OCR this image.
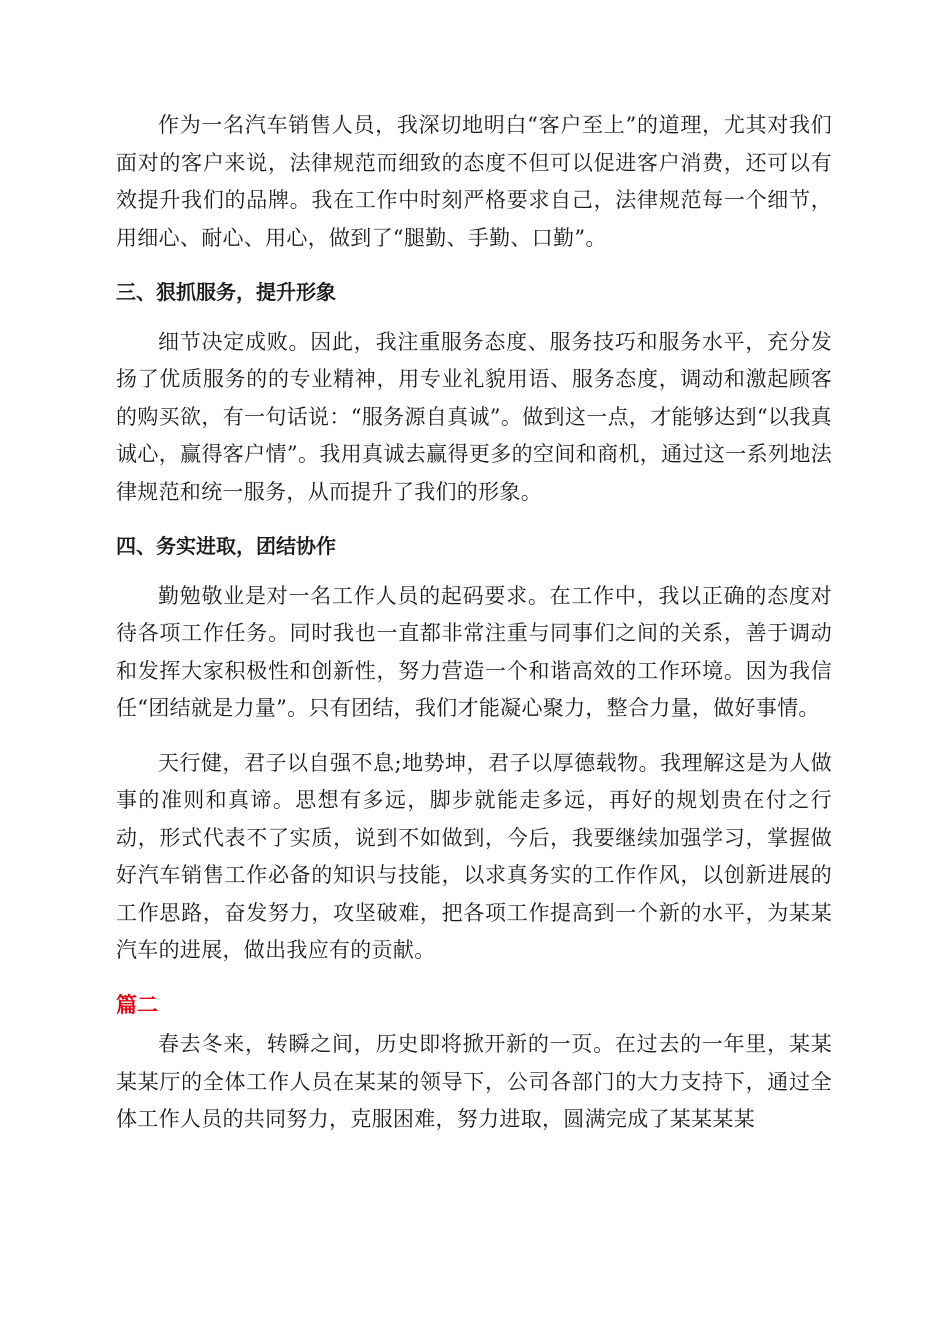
作为一名汽车销售人员，我深切地明白“客户至上”的道理，尤其对我们面对的客户来说，法律规范而细致的态度不但可以促进客户消费，还可以有效提升我们的品牌。我在工作中时刻严格要求自己，法律规范每一个细节，用细心、耐心、用心，做到了“腿勤、手勤、口勤”。

三、狠抓服务，提升形象

细节决定成败。因此，我注重服务态度、服务技巧和服务水平，充分发扬了优质服务的的专业精神，用专业礼貌用语、服务态度，调动和激起顾客的购买欲，有一句话说：“服务源自真诚”。做到这一点，才能够达到“以我真诚心，赢得客户情”。我用真诚去赢得更多的空间和商机，通过这一系列地法律规范和统一服务，从而提升了我们的形象。

四、务实进取，团结协作

勤勉敬业是对一名工作人员的起码要求。在工作中，我以正确的态度对待各项工作任务。同时我也一直都非常注重与同事们之间的关系，善于调动和发挥大家积极性和创新性，努力营造一个和谐高效的工作环境。因为我信任“团结就是力量”。只有团结，我们才能凝心聚力，整合力量，做好事情。

天行健，君子以自强不息;地势坤，君子以厚德载物。我理解这是为人做事的准则和真谛。思想有多远，脚步就能走多远，再好的规划贵在付之行动，形式代表不了实质，说到不如做到，今后，我要继续加强学习，掌握做好汽车销售工作必备的知识与技能，以求真务实的工作作风，以创新进展的工作思路，奋发努力，攻坚破难，把各项工作提高到一个新的水平，为某某汽车的进展，做出我应有的贡献。

篇二

春去冬来，转瞬之间，历史即将掀开新的一页。在过去的一年里，某某某某厅的全体工作人员在某某的领导下，公司各部门的大力支持下，通过全体工作人员的共同努力，克服困难，努力进取，圆满完成了某某某某
